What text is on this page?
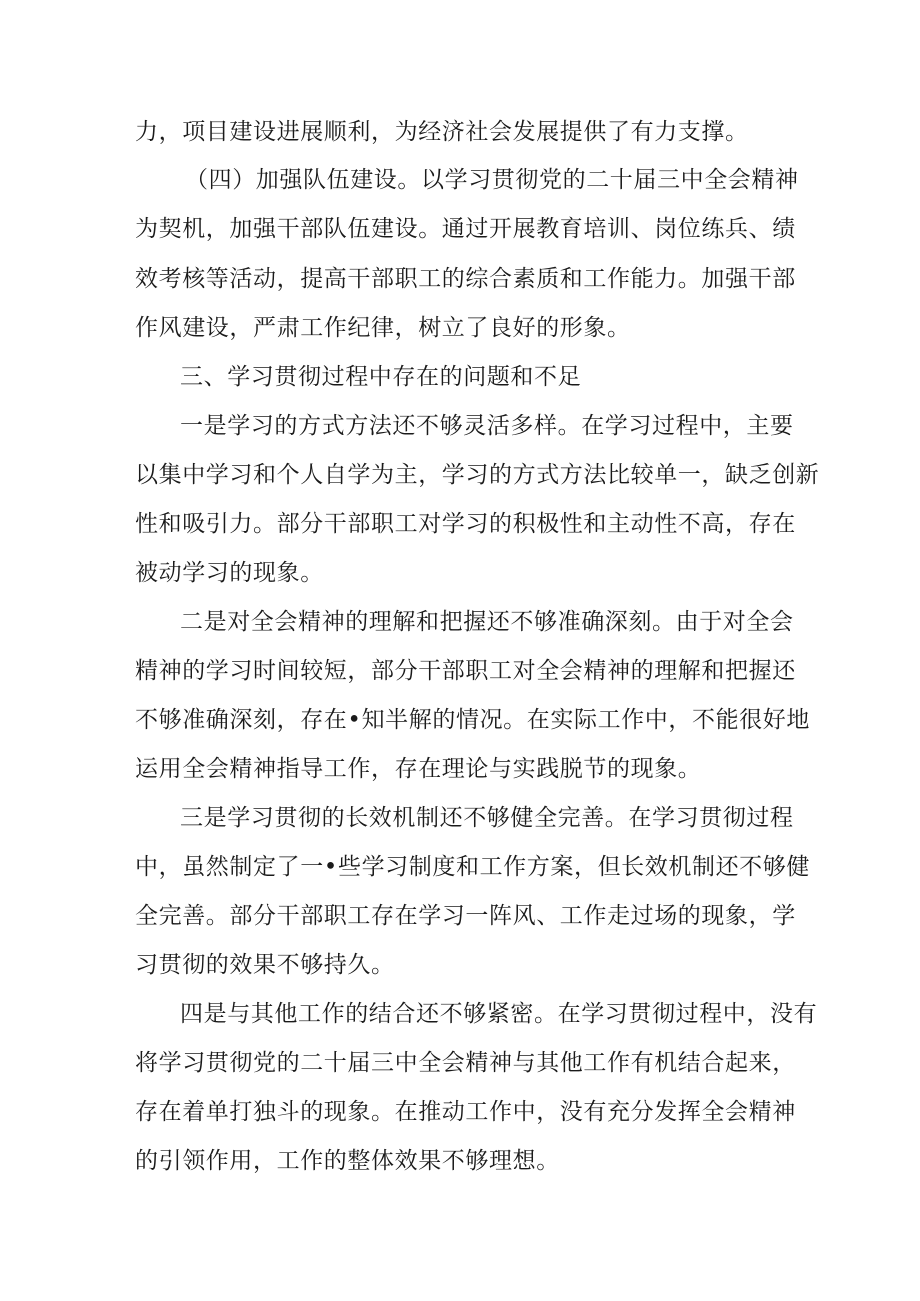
力，项目建设进展顺利，为经济社会发展提供了有力支撑。

（四）加强队伍建设。以学习贯彻党的二十届三中全会精神

为契机，加强干部队伍建设。通过开展教育培训、岗位练兵、绩

效考核等活动，提高干部职工的综合素质和工作能力。加强干部

作风建设，严肃工作纪律，树立了良好的形象。

三、学习贯彻过程中存在的问题和不足

一是学习的方式方法还不够灵活多样。在学习过程中，主要

以集中学习和个人自学为主，学习的方式方法比较单一，缺乏创新

性和吸引力。部分干部职工对学习的积极性和主动性不高，存在

被动学习的现象。

二是对全会精神的理解和把握还不够准确深刻。由于对全会

精神的学习时间较短，部分干部职工对全会精神的理解和把握还

不够准确深刻，存在•知半解的情况。在实际工作中，不能很好地

运用全会精神指导工作，存在理论与实践脱节的现象。

三是学习贯彻的长效机制还不够健全完善。在学习贯彻过程

中，虽然制定了一•些学习制度和工作方案，但长效机制还不够健

全完善。部分干部职工存在学习一阵风、工作走过场的现象，学

习贯彻的效果不够持久。

四是与其他工作的结合还不够紧密。在学习贯彻过程中，没有

将学习贯彻党的二十届三中全会精神与其他工作有机结合起来，

存在着单打独斗的现象。在推动工作中，没有充分发挥全会精神

的引领作用，工作的整体效果不够理想。
